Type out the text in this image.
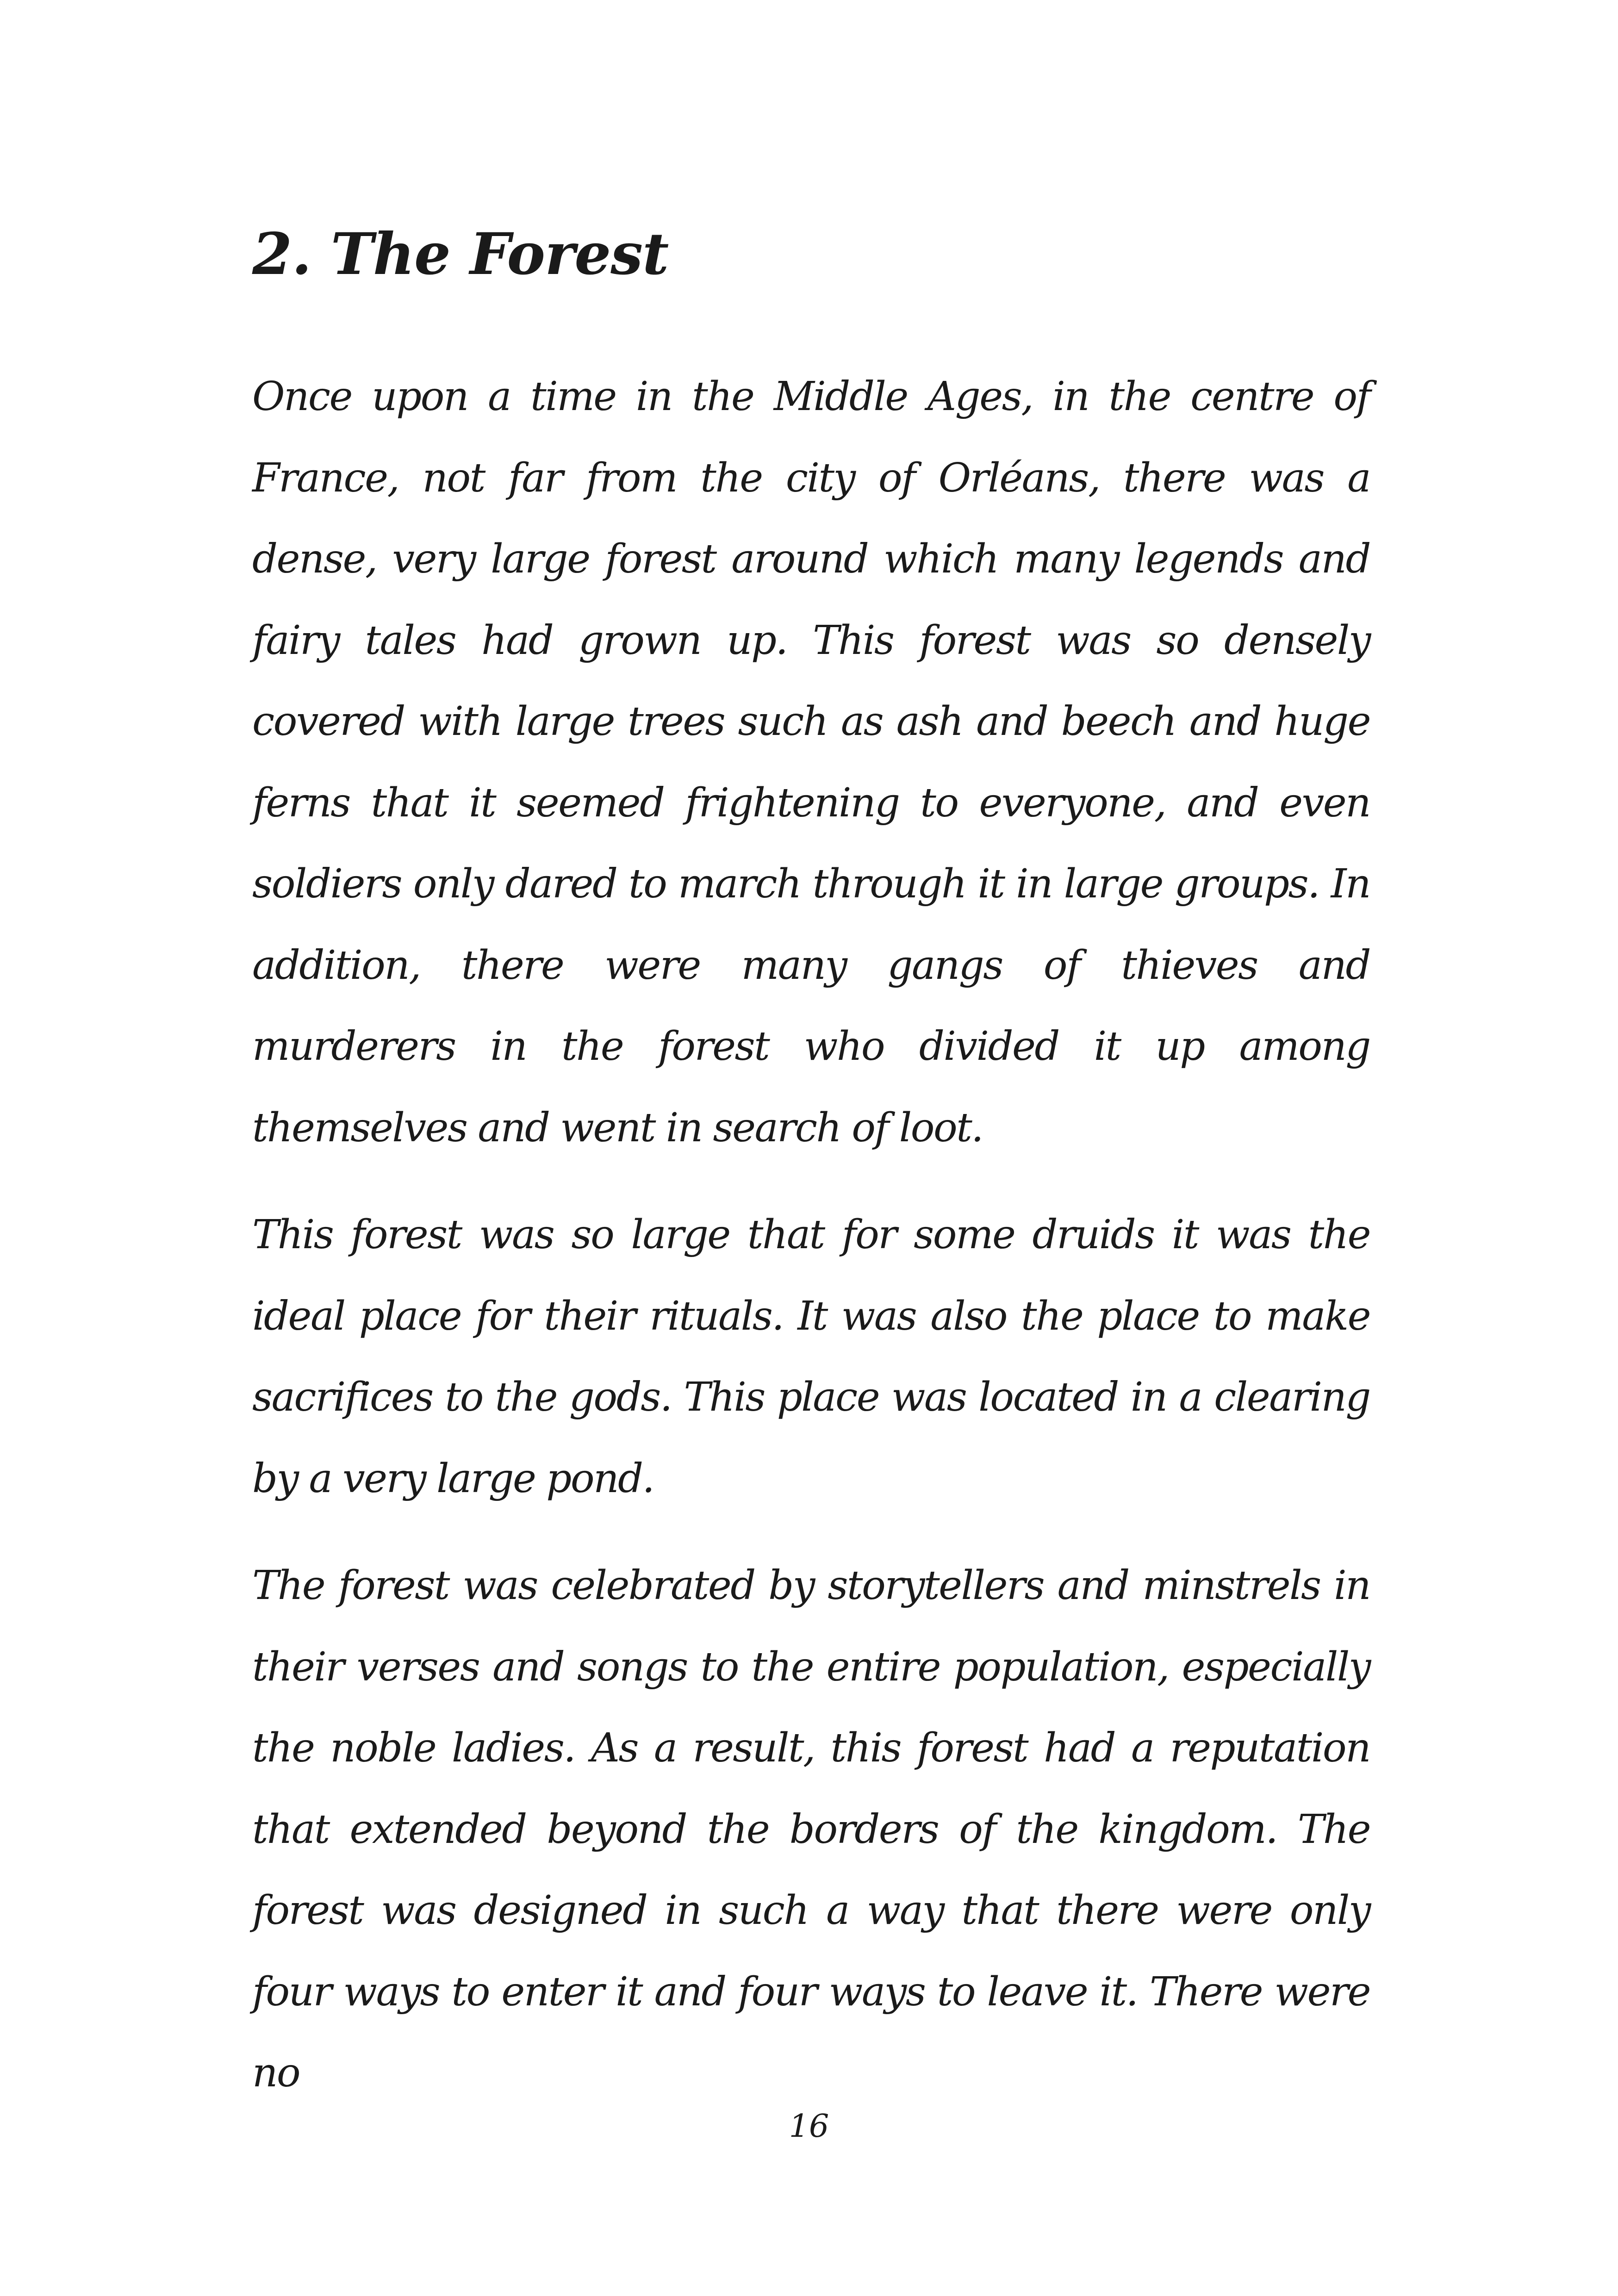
2. The Forest

Once upon a time in the Middle Ages, in the centre of France, not far from the city of Orléans, there was a dense, very large forest around which many legends and fairy tales had grown up. This forest was so densely covered with large trees such as ash and beech and huge ferns that it seemed frightening to everyone, and even soldiers only dared to march through it in large groups. In addition, there were many gangs of thieves and murderers in the forest who divided it up among themselves and went in search of loot.

This forest was so large that for some druids it was the ideal place for their rituals. It was also the place to make sacrifices to the gods. This place was located in a clearing by a very large pond.

The forest was celebrated by storytellers and minstrels in their verses and songs to the entire population, especially the noble ladies. As a result, this forest had a reputation that extended beyond the borders of the kingdom. The forest was designed in such a way that there were only four ways to enter it and four ways to leave it. There were no

16
